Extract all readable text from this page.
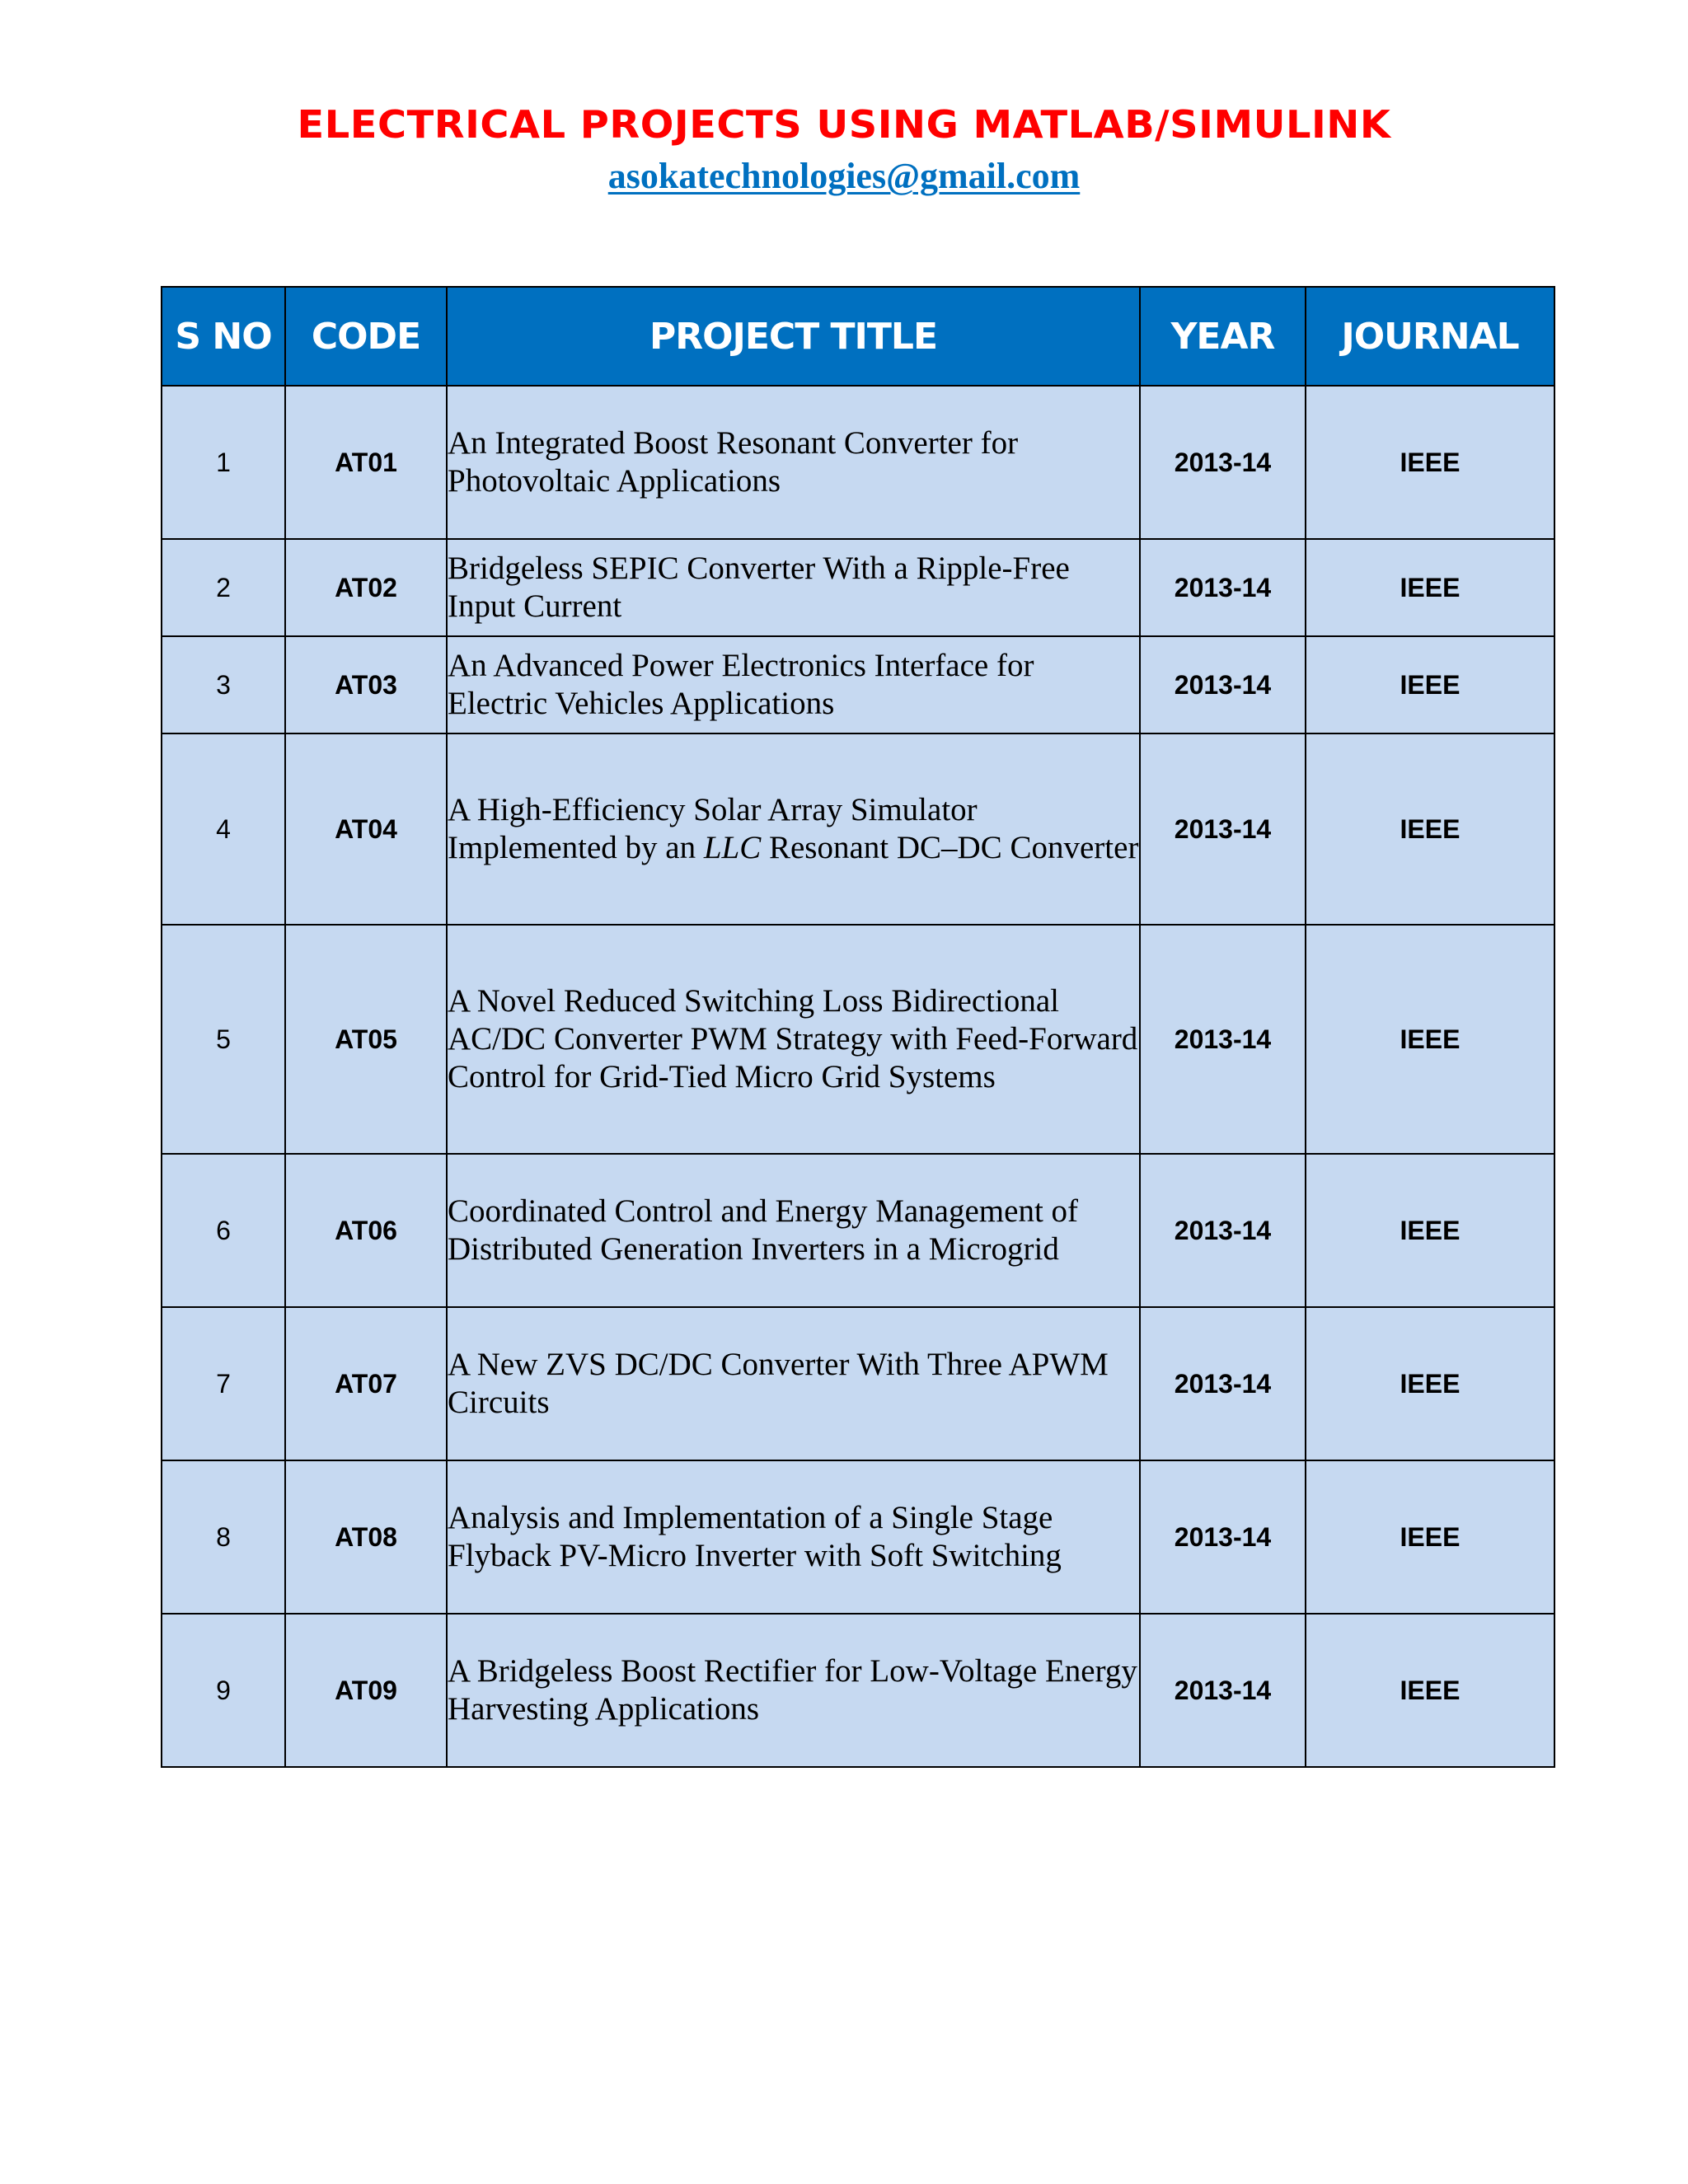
ELECTRICAL PROJECTS USING MATLAB/SIMULINK
asokatechnologies@gmail.com
S NO	CODE	PROJECT TITLE	YEAR	JOURNAL
1	AT01	An Integrated Boost Resonant Converter for Photovoltaic Applications	2013-14	IEEE
2	AT02	Bridgeless SEPIC Converter With a Ripple-Free Input Current	2013-14	IEEE
3	AT03	An Advanced Power Electronics Interface for Electric Vehicles Applications	2013-14	IEEE
4	AT04	A High-Efficiency Solar Array Simulator Implemented by an LLC Resonant DC–DC Converter	2013-14	IEEE
5	AT05	A Novel Reduced Switching Loss Bidirectional AC/DC Converter PWM Strategy with Feed-Forward Control for Grid-Tied Micro Grid Systems	2013-14	IEEE
6	AT06	Coordinated Control and Energy Management of Distributed Generation Inverters in a Microgrid	2013-14	IEEE
7	AT07	A New ZVS DC/DC Converter With Three APWM Circuits	2013-14	IEEE
8	AT08	Analysis and Implementation of a Single Stage Flyback PV-Micro Inverter with Soft Switching	2013-14	IEEE
9	AT09	A Bridgeless Boost Rectifier for Low-Voltage Energy Harvesting Applications	2013-14	IEEE
